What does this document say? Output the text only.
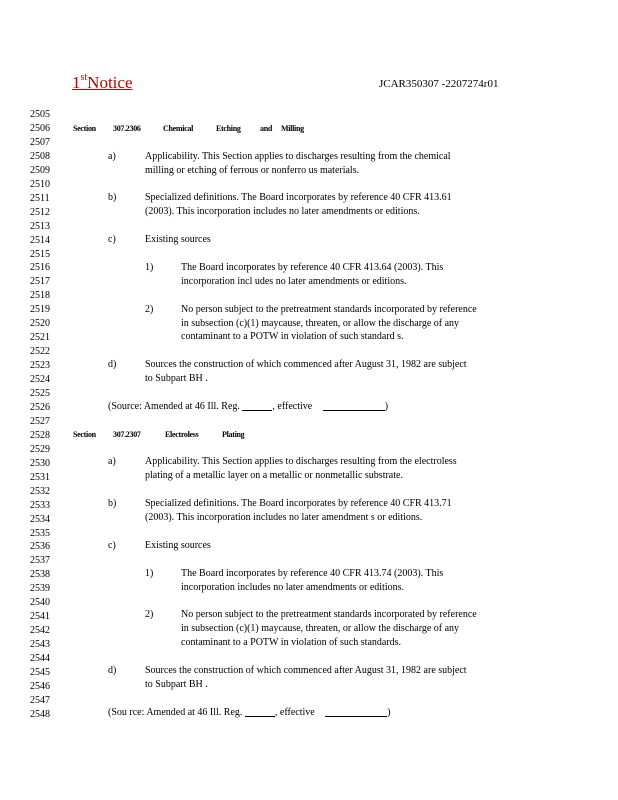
1stNotice	JCAR350307 -2207274r01
2505
2506
2507
2508
2509
2510
2511
2512
2513
2514
2515
2516
2517
2518
2519
2520
2521
2522
2523
2524
2525
2526
2527
2528
2529
2530
2531
2532
2533
2534
2535
2536
2537
2538
2539
2540
2541
2542
2543
2544
2545
2546
2547
2548
Section 307.2306	Chemical	Etching and Milling
a)	Applicability. This Section applies to discharges resulting from the chemical
milling or etching of ferrous or nonferro us materials.
b)	Specialized definitions. The Board incorporates by reference 40 CFR 413.61
(2003). This incorporation includes no later amendments or editions.
c)	Existing sources
1)	The Board incorporates by reference 40 CFR 413.64 (2003). This
incorporation incl udes no later amendments or editions.
2)	No person subject to the pretreatment standards incorporated by reference
in subsection (c)(1) maycause, threaten, or allow the discharge of any
contaminant to a POTW in violation of such standard s.
d)	Sources the construction of which commenced after August 31, 1982 are subject
to Subpart BH .
(Source: Amended at 46 Ill. Reg.	, effective	)
Section 307.2307	Electroless	Plating
a)	Applicability. This Section applies to discharges resulting from the electroless
plating of a metallic layer on a metallic or nonmetallic substrate.
b)	Specialized definitions. The Board incorporates by reference 40 CFR 413.71
(2003). This incorporation includes no later amendment s or editions.
c)	Existing sources
1)	The Board incorporates by reference 40 CFR 413.74 (2003). This
incorporation includes no later amendments or editions.
2)	No person subject to the pretreatment standards incorporated by reference
in subsection (c)(1) maycause, threaten, or allow the discharge of any
contaminant to a POTW in violation of such standards.
d)	Sources the construction of which commenced after August 31, 1982 are subject
to Subpart BH .
(Sou rce: Amended at 46 Ill. Reg.	, effective	)
